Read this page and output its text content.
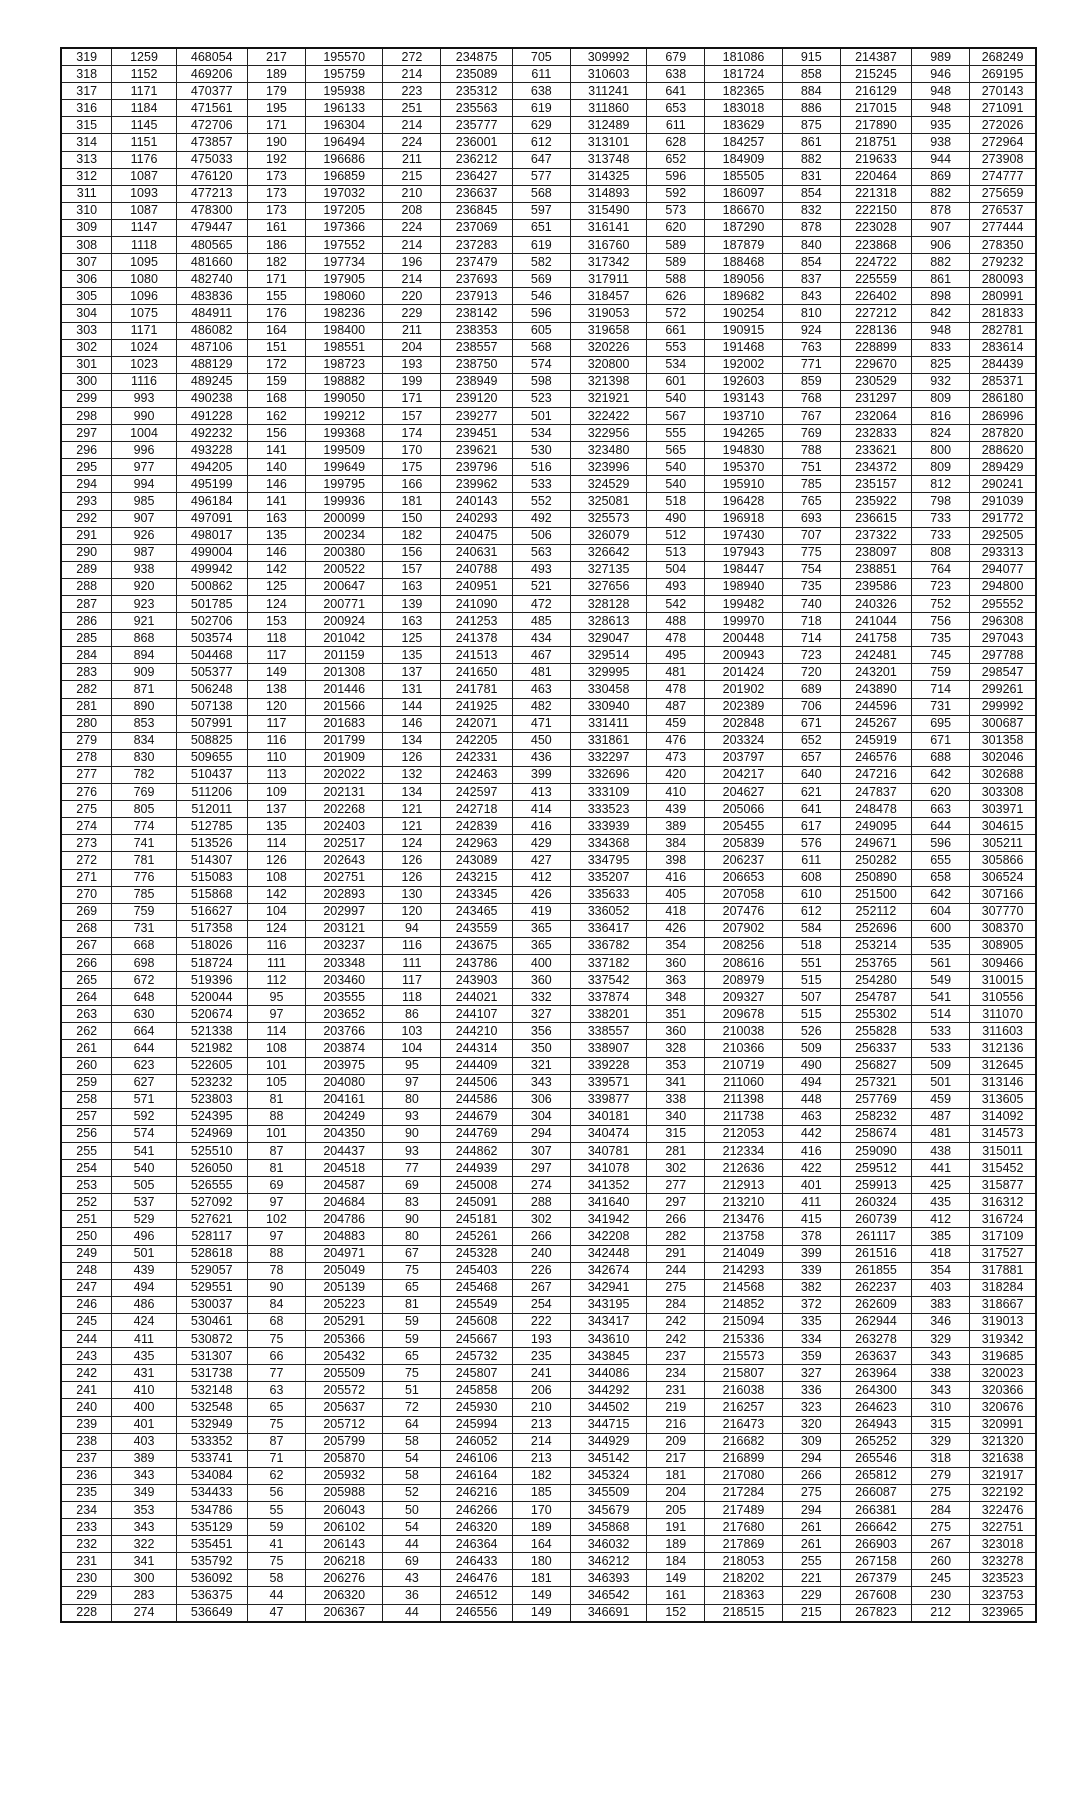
319	1259	468054	217	195570	272	234875	705	309992	679	181086	915	214387	989	268249
318	1152	469206	189	195759	214	235089	611	310603	638	181724	858	215245	946	269195
317	1171	470377	179	195938	223	235312	638	311241	641	182365	884	216129	948	270143
316	1184	471561	195	196133	251	235563	619	311860	653	183018	886	217015	948	271091
315	1145	472706	171	196304	214	235777	629	312489	611	183629	875	217890	935	272026
314	1151	473857	190	196494	224	236001	612	313101	628	184257	861	218751	938	272964
313	1176	475033	192	196686	211	236212	647	313748	652	184909	882	219633	944	273908
312	1087	476120	173	196859	215	236427	577	314325	596	185505	831	220464	869	274777
311	1093	477213	173	197032	210	236637	568	314893	592	186097	854	221318	882	275659
310	1087	478300	173	197205	208	236845	597	315490	573	186670	832	222150	878	276537
309	1147	479447	161	197366	224	237069	651	316141	620	187290	878	223028	907	277444
308	1118	480565	186	197552	214	237283	619	316760	589	187879	840	223868	906	278350
307	1095	481660	182	197734	196	237479	582	317342	589	188468	854	224722	882	279232
306	1080	482740	171	197905	214	237693	569	317911	588	189056	837	225559	861	280093
305	1096	483836	155	198060	220	237913	546	318457	626	189682	843	226402	898	280991
304	1075	484911	176	198236	229	238142	596	319053	572	190254	810	227212	842	281833
303	1171	486082	164	198400	211	238353	605	319658	661	190915	924	228136	948	282781
302	1024	487106	151	198551	204	238557	568	320226	553	191468	763	228899	833	283614
301	1023	488129	172	198723	193	238750	574	320800	534	192002	771	229670	825	284439
300	1116	489245	159	198882	199	238949	598	321398	601	192603	859	230529	932	285371
299	993	490238	168	199050	171	239120	523	321921	540	193143	768	231297	809	286180
298	990	491228	162	199212	157	239277	501	322422	567	193710	767	232064	816	286996
297	1004	492232	156	199368	174	239451	534	322956	555	194265	769	232833	824	287820
296	996	493228	141	199509	170	239621	530	323480	565	194830	788	233621	800	288620
295	977	494205	140	199649	175	239796	516	323996	540	195370	751	234372	809	289429
294	994	495199	146	199795	166	239962	533	324529	540	195910	785	235157	812	290241
293	985	496184	141	199936	181	240143	552	325081	518	196428	765	235922	798	291039
292	907	497091	163	200099	150	240293	492	325573	490	196918	693	236615	733	291772
291	926	498017	135	200234	182	240475	506	326079	512	197430	707	237322	733	292505
290	987	499004	146	200380	156	240631	563	326642	513	197943	775	238097	808	293313
289	938	499942	142	200522	157	240788	493	327135	504	198447	754	238851	764	294077
288	920	500862	125	200647	163	240951	521	327656	493	198940	735	239586	723	294800
287	923	501785	124	200771	139	241090	472	328128	542	199482	740	240326	752	295552
286	921	502706	153	200924	163	241253	485	328613	488	199970	718	241044	756	296308
285	868	503574	118	201042	125	241378	434	329047	478	200448	714	241758	735	297043
284	894	504468	117	201159	135	241513	467	329514	495	200943	723	242481	745	297788
283	909	505377	149	201308	137	241650	481	329995	481	201424	720	243201	759	298547
282	871	506248	138	201446	131	241781	463	330458	478	201902	689	243890	714	299261
281	890	507138	120	201566	144	241925	482	330940	487	202389	706	244596	731	299992
280	853	507991	117	201683	146	242071	471	331411	459	202848	671	245267	695	300687
279	834	508825	116	201799	134	242205	450	331861	476	203324	652	245919	671	301358
278	830	509655	110	201909	126	242331	436	332297	473	203797	657	246576	688	302046
277	782	510437	113	202022	132	242463	399	332696	420	204217	640	247216	642	302688
276	769	511206	109	202131	134	242597	413	333109	410	204627	621	247837	620	303308
275	805	512011	137	202268	121	242718	414	333523	439	205066	641	248478	663	303971
274	774	512785	135	202403	121	242839	416	333939	389	205455	617	249095	644	304615
273	741	513526	114	202517	124	242963	429	334368	384	205839	576	249671	596	305211
272	781	514307	126	202643	126	243089	427	334795	398	206237	611	250282	655	305866
271	776	515083	108	202751	126	243215	412	335207	416	206653	608	250890	658	306524
270	785	515868	142	202893	130	243345	426	335633	405	207058	610	251500	642	307166
269	759	516627	104	202997	120	243465	419	336052	418	207476	612	252112	604	307770
268	731	517358	124	203121	94	243559	365	336417	426	207902	584	252696	600	308370
267	668	518026	116	203237	116	243675	365	336782	354	208256	518	253214	535	308905
266	698	518724	111	203348	111	243786	400	337182	360	208616	551	253765	561	309466
265	672	519396	112	203460	117	243903	360	337542	363	208979	515	254280	549	310015
264	648	520044	95	203555	118	244021	332	337874	348	209327	507	254787	541	310556
263	630	520674	97	203652	86	244107	327	338201	351	209678	515	255302	514	311070
262	664	521338	114	203766	103	244210	356	338557	360	210038	526	255828	533	311603
261	644	521982	108	203874	104	244314	350	338907	328	210366	509	256337	533	312136
260	623	522605	101	203975	95	244409	321	339228	353	210719	490	256827	509	312645
259	627	523232	105	204080	97	244506	343	339571	341	211060	494	257321	501	313146
258	571	523803	81	204161	80	244586	306	339877	338	211398	448	257769	459	313605
257	592	524395	88	204249	93	244679	304	340181	340	211738	463	258232	487	314092
256	574	524969	101	204350	90	244769	294	340474	315	212053	442	258674	481	314573
255	541	525510	87	204437	93	244862	307	340781	281	212334	416	259090	438	315011
254	540	526050	81	204518	77	244939	297	341078	302	212636	422	259512	441	315452
253	505	526555	69	204587	69	245008	274	341352	277	212913	401	259913	425	315877
252	537	527092	97	204684	83	245091	288	341640	297	213210	411	260324	435	316312
251	529	527621	102	204786	90	245181	302	341942	266	213476	415	260739	412	316724
250	496	528117	97	204883	80	245261	266	342208	282	213758	378	261117	385	317109
249	501	528618	88	204971	67	245328	240	342448	291	214049	399	261516	418	317527
248	439	529057	78	205049	75	245403	226	342674	244	214293	339	261855	354	317881
247	494	529551	90	205139	65	245468	267	342941	275	214568	382	262237	403	318284
246	486	530037	84	205223	81	245549	254	343195	284	214852	372	262609	383	318667
245	424	530461	68	205291	59	245608	222	343417	242	215094	335	262944	346	319013
244	411	530872	75	205366	59	245667	193	343610	242	215336	334	263278	329	319342
243	435	531307	66	205432	65	245732	235	343845	237	215573	359	263637	343	319685
242	431	531738	77	205509	75	245807	241	344086	234	215807	327	263964	338	320023
241	410	532148	63	205572	51	245858	206	344292	231	216038	336	264300	343	320366
240	400	532548	65	205637	72	245930	210	344502	219	216257	323	264623	310	320676
239	401	532949	75	205712	64	245994	213	344715	216	216473	320	264943	315	320991
238	403	533352	87	205799	58	246052	214	344929	209	216682	309	265252	329	321320
237	389	533741	71	205870	54	246106	213	345142	217	216899	294	265546	318	321638
236	343	534084	62	205932	58	246164	182	345324	181	217080	266	265812	279	321917
235	349	534433	56	205988	52	246216	185	345509	204	217284	275	266087	275	322192
234	353	534786	55	206043	50	246266	170	345679	205	217489	294	266381	284	322476
233	343	535129	59	206102	54	246320	189	345868	191	217680	261	266642	275	322751
232	322	535451	41	206143	44	246364	164	346032	189	217869	261	266903	267	323018
231	341	535792	75	206218	69	246433	180	346212	184	218053	255	267158	260	323278
230	300	536092	58	206276	43	246476	181	346393	149	218202	221	267379	245	323523
229	283	536375	44	206320	36	246512	149	346542	161	218363	229	267608	230	323753
228	274	536649	47	206367	44	246556	149	346691	152	218515	215	267823	212	323965
